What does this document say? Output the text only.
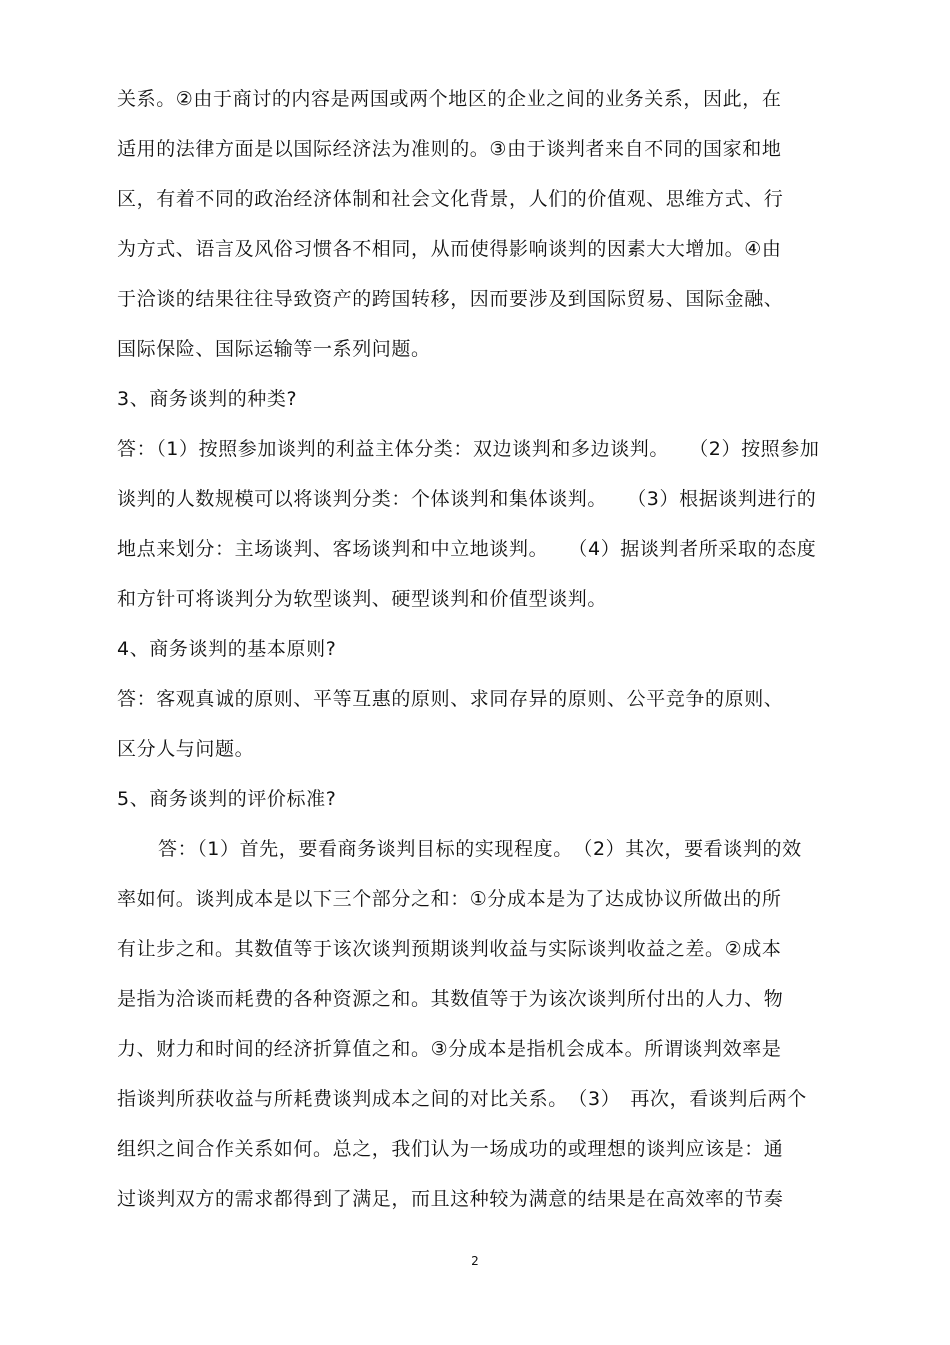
关系。②由于商讨的内容是两国或两个地区的企业之间的业务关系，因此，在
适用的法律方面是以国际经济法为准则的。③由于谈判者来自不同的国家和地
区，有着不同的政治经济体制和社会文化背景，人们的价值观、思维方式、行
为方式、语言及风俗习惯各不相同，从而使得影响谈判的因素大大增加。④由
于洽谈的结果往往导致资产的跨国转移，因而要涉及到国际贸易、国际金融、
国际保险、国际运输等一系列问题。
3、商务谈判的种类?
答：（1）按照参加谈判的利益主体分类：双边谈判和多边谈判。　　（2）按照参加
谈判的人数规模可以将谈判分类：个体谈判和集体谈判。　　（3）根据谈判进行的
地点来划分：主场谈判、客场谈判和中立地谈判。　　（4）据谈判者所采取的态度
和方针可将谈判分为软型谈判、硬型谈判和价值型谈判。
4、商务谈判的基本原则?
答：客观真诚的原则、平等互惠的原则、求同存异的原则、公平竞争的原则、
区分人与问题。
5、商务谈判的评价标准?
答：（1）首先，要看商务谈判目标的实现程度。　（2）其次，要看谈判的效
率如何。谈判成本是以下三个部分之和：①分成本是为了达成协议所做出的所
有让步之和。其数值等于该次谈判预期谈判收益与实际谈判收益之差。②成本
是指为洽谈而耗费的各种资源之和。其数值等于为该次谈判所付出的人力、物
力、财力和时间的经济折算值之和。③分成本是指机会成本。所谓谈判效率是
指谈判所获收益与所耗费谈判成本之间的对比关系。　（3）　再次，看谈判后两个
组织之间合作关系如何。总之，我们认为一场成功的或理想的谈判应该是：通
过谈判双方的需求都得到了满足，而且这种较为满意的结果是在高效率的节奏
2
